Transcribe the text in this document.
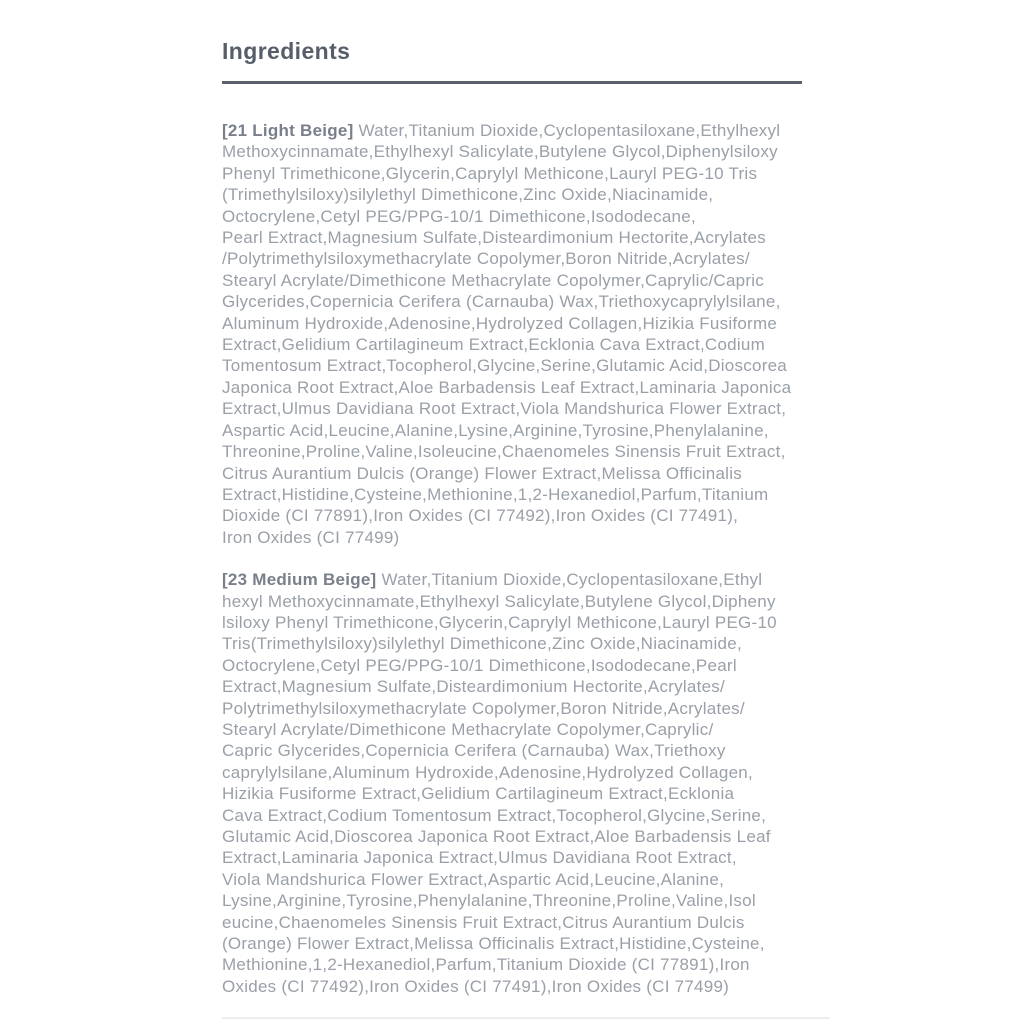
Ingredients
[21 Light Beige] Water,Titanium Dioxide,Cyclopentasiloxane,Ethylhexyl
Methoxycinnamate,Ethylhexyl Salicylate,Butylene Glycol,Diphenylsiloxy
Phenyl Trimethicone,Glycerin,Caprylyl Methicone,Lauryl PEG-10 Tris
(Trimethylsiloxy)silylethyl Dimethicone,Zinc Oxide,Niacinamide,
Octocrylene,Cetyl PEG/PPG-10/1 Dimethicone,Isododecane,
Pearl Extract,Magnesium Sulfate,Disteardimonium Hectorite,Acrylates
/Polytrimethylsiloxymethacrylate Copolymer,Boron Nitride,Acrylates/
Stearyl Acrylate/Dimethicone Methacrylate Copolymer,Caprylic/Capric
Glycerides,Copernicia Cerifera (Carnauba) Wax,Triethoxycaprylylsilane,
Aluminum Hydroxide,Adenosine,Hydrolyzed Collagen,Hizikia Fusiforme
Extract,Gelidium Cartilagineum Extract,Ecklonia Cava Extract,Codium
Tomentosum Extract,Tocopherol,Glycine,Serine,Glutamic Acid,Dioscorea
Japonica Root Extract,Aloe Barbadensis Leaf Extract,Laminaria Japonica
Extract,Ulmus Davidiana Root Extract,Viola Mandshurica Flower Extract,
Aspartic Acid,Leucine,Alanine,Lysine,Arginine,Tyrosine,Phenylalanine,
Threonine,Proline,Valine,Isoleucine,Chaenomeles Sinensis Fruit Extract,
Citrus Aurantium Dulcis (Orange) Flower Extract,Melissa Officinalis
Extract,Histidine,Cysteine,Methionine,1,2-Hexanediol,Parfum,Titanium
Dioxide (CI 77891),Iron Oxides (CI 77492),Iron Oxides (CI 77491),
Iron Oxides (CI 77499)
[23 Medium Beige] Water,Titanium Dioxide,Cyclopentasiloxane,Ethyl
hexyl Methoxycinnamate,Ethylhexyl Salicylate,Butylene Glycol,Dipheny
lsiloxy Phenyl Trimethicone,Glycerin,Caprylyl Methicone,Lauryl PEG-10
Tris(Trimethylsiloxy)silylethyl Dimethicone,Zinc Oxide,Niacinamide,
Octocrylene,Cetyl PEG/PPG-10/1 Dimethicone,Isododecane,Pearl
Extract,Magnesium Sulfate,Disteardimonium Hectorite,Acrylates/
Polytrimethylsiloxymethacrylate Copolymer,Boron Nitride,Acrylates/
Stearyl Acrylate/Dimethicone Methacrylate Copolymer,Caprylic/
Capric Glycerides,Copernicia Cerifera (Carnauba) Wax,Triethoxy
caprylylsilane,Aluminum Hydroxide,Adenosine,Hydrolyzed Collagen,
Hizikia Fusiforme Extract,Gelidium Cartilagineum Extract,Ecklonia
Cava Extract,Codium Tomentosum Extract,Tocopherol,Glycine,Serine,
Glutamic Acid,Dioscorea Japonica Root Extract,Aloe Barbadensis Leaf
Extract,Laminaria Japonica Extract,Ulmus Davidiana Root Extract,
Viola Mandshurica Flower Extract,Aspartic Acid,Leucine,Alanine,
Lysine,Arginine,Tyrosine,Phenylalanine,Threonine,Proline,Valine,Isol
eucine,Chaenomeles Sinensis Fruit Extract,Citrus Aurantium Dulcis
(Orange) Flower Extract,Melissa Officinalis Extract,Histidine,Cysteine,
Methionine,1,2-Hexanediol,Parfum,Titanium Dioxide (CI 77891),Iron
Oxides (CI 77492),Iron Oxides (CI 77491),Iron Oxides (CI 77499)
